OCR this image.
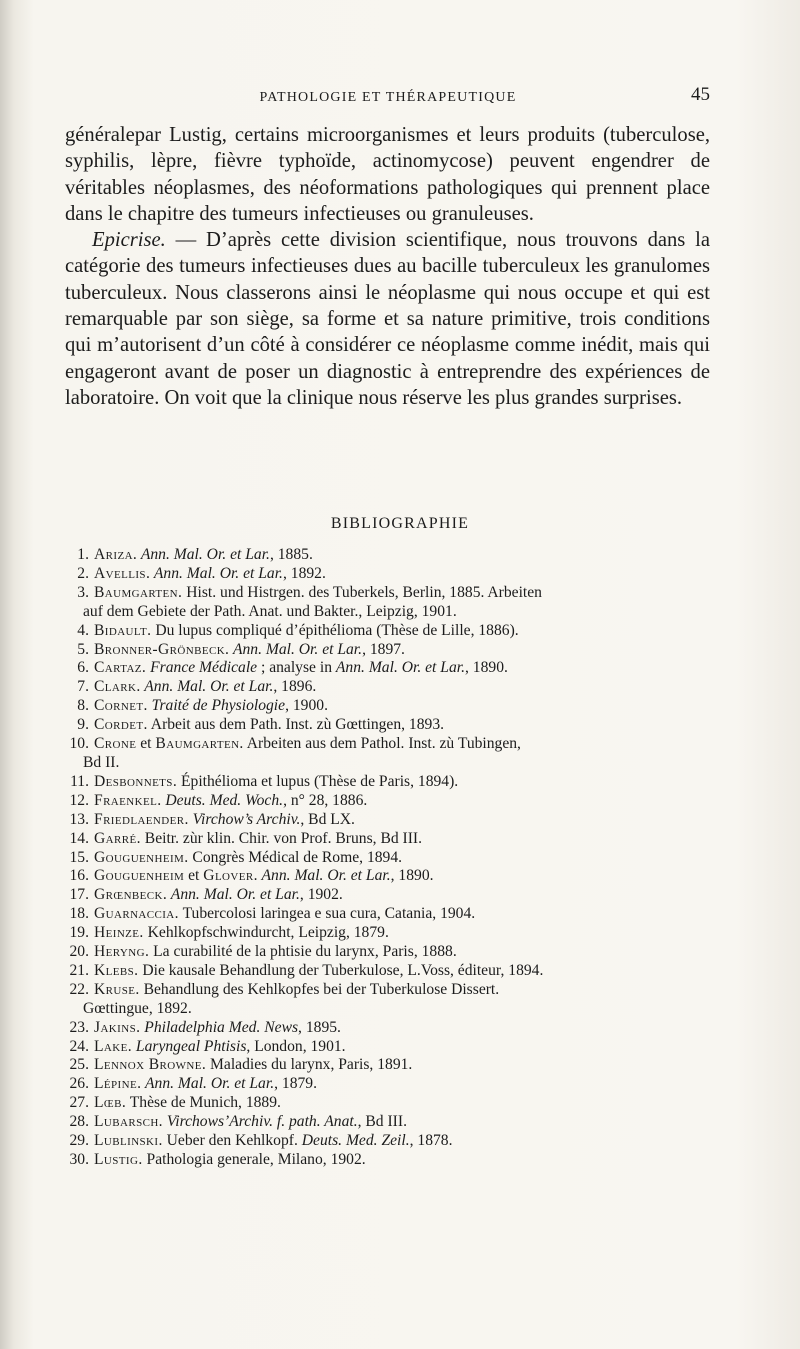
PATHOLOGIE ET THÉRAPEUTIQUE	45

généralepar Lustig, certains microorganismes et leurs produits (tuberculose, syphilis, lèpre, fièvre typhoïde, actinomycose) peuvent engendrer de véritables néoplasmes, des néoformations pathologiques qui prennent place dans le chapitre des tumeurs infectieuses ou granuleuses.

Epicrise. — D’après cette division scientifique, nous trouvons dans la catégorie des tumeurs infectieuses dues au bacille tuberculeux les granulomes tuberculeux. Nous classerons ainsi le néoplasme qui nous occupe et qui est remarquable par son siège, sa forme et sa nature primitive, trois conditions qui m’autorisent d’un côté à considérer ce néoplasme comme inédit, mais qui engageront avant de poser un diagnostic à entreprendre des expériences de laboratoire. On voit que la clinique nous réserve les plus grandes surprises.

BIBLIOGRAPHIE
1. Ariza. Ann. Mal. Or. et Lar., 1885.
2. Avellis. Ann. Mal. Or. et Lar., 1892.
3. Baumgarten. Hist. und Histrgen. des Tuberkels, Berlin, 1885. Arbeiten
auf dem Gebiete der Path. Anat. und Bakter., Leipzig, 1901.
4. Bidault. Du lupus compliqué d’épithélioma (Thèse de Lille, 1886).
5. Bronner-Grönbeck. Ann. Mal. Or. et Lar., 1897.
6. Cartaz. France Médicale ; analyse in Ann. Mal. Or. et Lar., 1890.
7. Clark. Ann. Mal. Or. et Lar., 1896.
8. Cornet. Traité de Physiologie, 1900.
9. Cordet. Arbeit aus dem Path. Inst. zù Gœttingen, 1893.
10. Crone et Baumgarten. Arbeiten aus dem Pathol. Inst. zù Tubingen,
Bd II.
11. Desbonnets. Épithélioma et lupus (Thèse de Paris, 1894).
12. Fraenkel. Deuts. Med. Woch., n° 28, 1886.
13. Friedlaender. Virchow’s Archiv., Bd LX.
14. Garré. Beitr. zùr klin. Chir. von Prof. Bruns, Bd III.
15. Gouguenheim. Congrès Médical de Rome, 1894.
16. Gouguenheim et Glover. Ann. Mal. Or. et Lar., 1890.
17. Grœnbeck. Ann. Mal. Or. et Lar., 1902.
18. Guarnaccia. Tubercolosi laringea e sua cura, Catania, 1904.
19. Heinze. Kehlkopfschwindurcht, Leipzig, 1879.
20. Heryng. La curabilité de la phtisie du larynx, Paris, 1888.
21. Klebs. Die kausale Behandlung der Tuberkulose, L.Voss, éditeur, 1894.
22. Kruse. Behandlung des Kehlkopfes bei der Tuberkulose Dissert.
Gœttingue, 1892.
23. Jakins. Philadelphia Med. News, 1895.
24. Lake. Laryngeal Phtisis, London, 1901.
25. Lennox Browne. Maladies du larynx, Paris, 1891.
26. Lépine. Ann. Mal. Or. et Lar., 1879.
27. Lœb. Thèse de Munich, 1889.
28. Lubarsch. Virchows’Archiv. f. path. Anat., Bd III.
29. Lublinski. Ueber den Kehlkopf. Deuts. Med. Zeil., 1878.
30. Lustig. Pathologia generale, Milano, 1902.
